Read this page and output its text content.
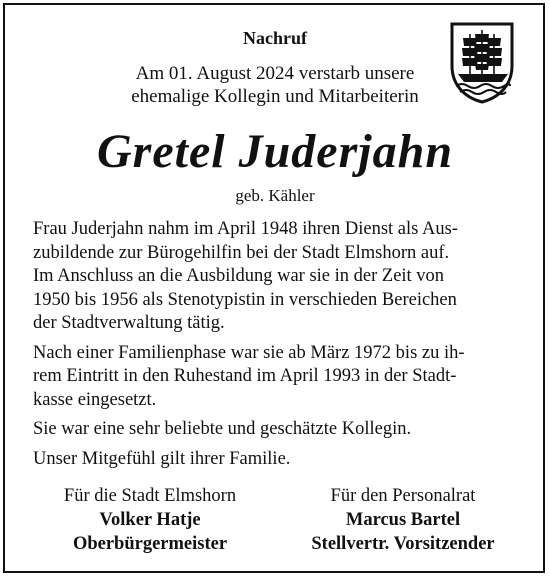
Nachruf
Am 01. August 2024 verstarb unsere
ehemalige Kollegin und Mitarbeiterin
Gretel Juderjahn
geb. Kähler

Frau Juderjahn nahm im April 1948 ihren Dienst als Aus-
zubildende zur Bürogehilfin bei der Stadt Elmshorn auf.
Im Anschluss an die Ausbildung war sie in der Zeit von
1950 bis 1956 als Stenotypistin in verschieden Bereichen
der Stadtverwaltung tätig.

Nach einer Familienphase war sie ab März 1972 bis zu ih-
rem Eintritt in den Ruhestand im April 1993 in der Stadt-
kasse eingesetzt.

Sie war eine sehr beliebte und geschätzte Kollegin.

Unser Mitgefühl gilt ihrer Familie.

Für die Stadt Elmshorn
Volker Hatje
Oberbürgermeister
Für den Personalrat
Marcus Bartel
Stellvertr. Vorsitzender
